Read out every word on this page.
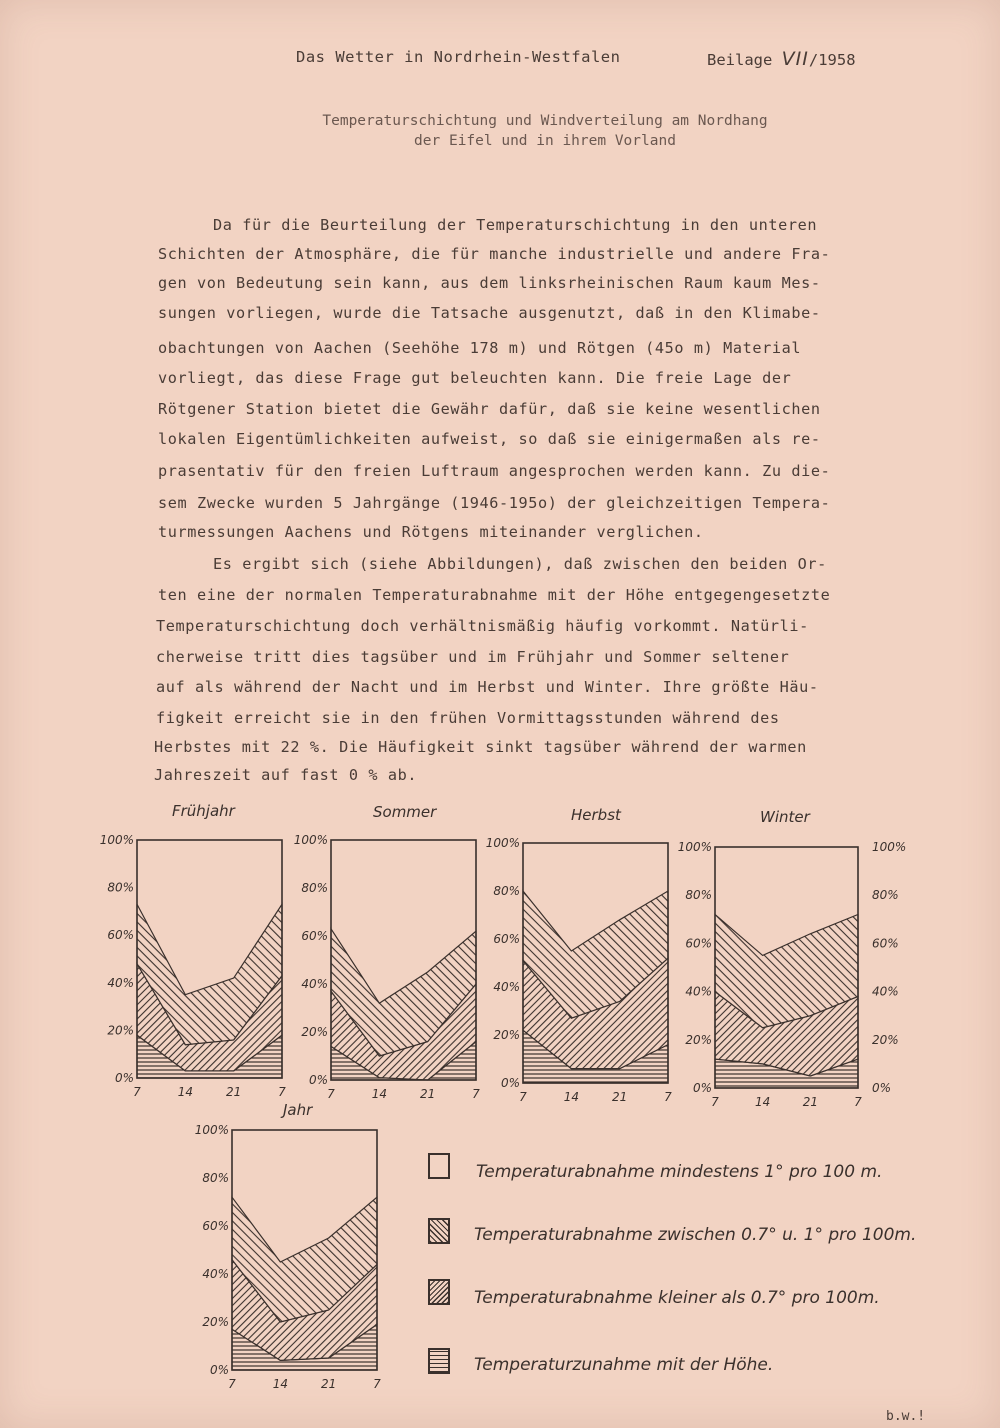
Das Wetter in Nordrhein-Westfalen	Beilage VII/1958
Temperaturschichtung und Windverteilung am Nordhang
der Eifel und in ihrem Vorland
Da für die Beurteilung der Temperaturschichtung in den unteren
Schichten der Atmosphäre, die für manche industrielle und andere Fra-
gen von Bedeutung sein kann, aus dem linksrheinischen Raum kaum Mes-
sungen vorliegen, wurde die Tatsache ausgenutzt, daß in den Klimabe-
obachtungen von Aachen (Seehöhe 178 m) und Rötgen (45o m) Material
vorliegt, das diese Frage gut beleuchten kann. Die freie Lage der
Rötgener Station bietet die Gewähr dafür, daß sie keine wesentlichen
lokalen Eigentümlichkeiten aufweist, so daß sie einigermaßen als re-
prasentativ für den freien Luftraum angesprochen werden kann. Zu die-
sem Zwecke wurden 5 Jahrgänge (1946-195o) der gleichzeitigen Tempera-
turmessungen Aachens und Rötgens miteinander verglichen.
Es ergibt sich (siehe Abbildungen), daß zwischen den beiden Or-
ten eine der normalen Temperaturabnahme mit der Höhe entgegengesetzte
Temperaturschichtung doch verhältnismäßig häufig vorkommt. Natürli-
cherweise tritt dies tagsüber und im Frühjahr und Sommer seltener
auf als während der Nacht und im Herbst und Winter. Ihre größte Häu-
figkeit erreicht sie in den frühen Vormittagsstunden während des
Herbstes mit 22 %. Die Häufigkeit sinkt tagsüber während der warmen
Jahreszeit auf fast 0 % ab.
Frühjahr
0%
20%
40%
60%
80%
100%
7	14	21	7
Sommer
0%
20%
40%
60%
80%
100%
7	14	21	7
Herbst
0%
20%
40%
60%
80%
100%
7	14	21	7
Winter
0%	0%
20%	20%
40%	40%
60%	60%
80%	80%
100%	100%
7	14	21	7
Jahr
0%
20%
40%
60%
80%
100%
7	14	21	7
Temperaturabnahme mindestens 1° pro 100 m.
Temperaturabnahme zwischen 0.7° u. 1° pro 100m.
Temperaturabnahme kleiner als 0.7° pro 100m.
Temperaturzunahme mit der Höhe.
b.w.!
